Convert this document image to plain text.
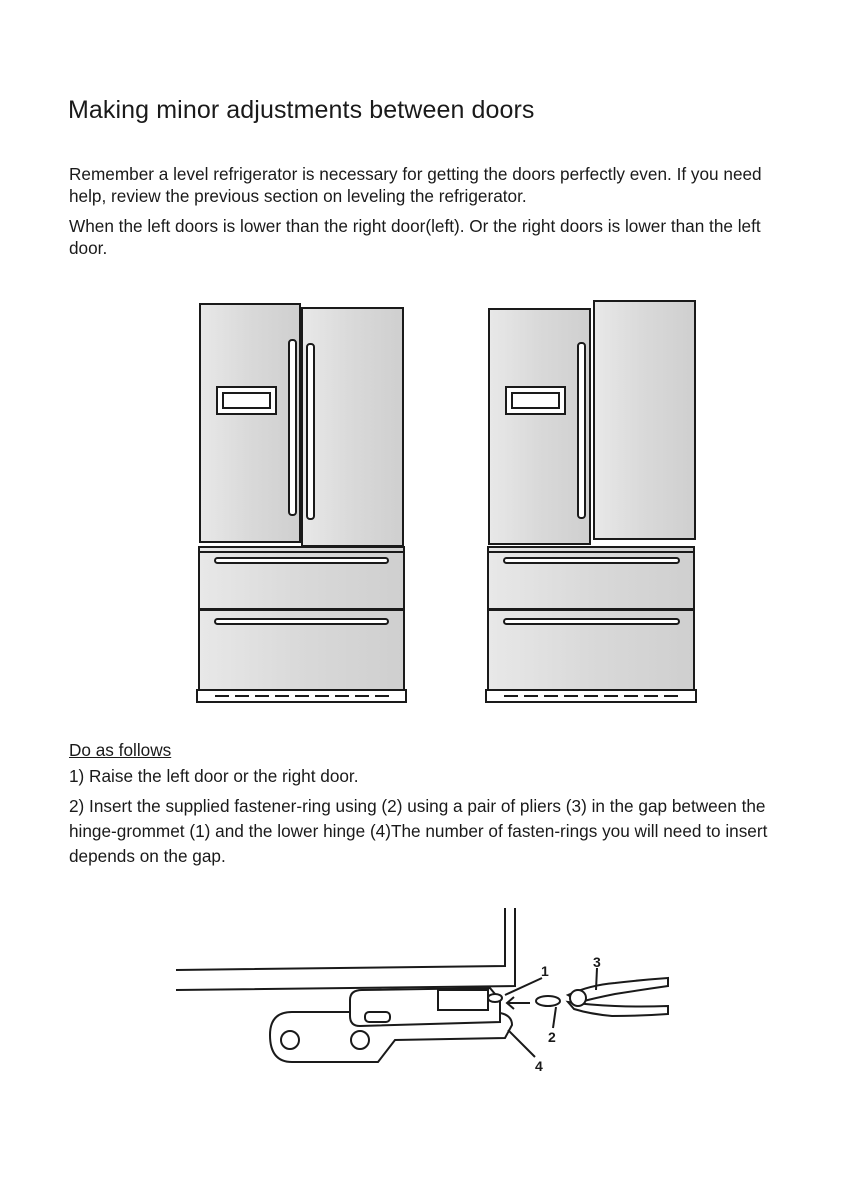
Making minor adjustments between doors

Remember a level refrigerator is necessary for getting the doors perfectly even. If you need help, review the previous section on leveling the refrigerator.

When the left doors is lower than the right door(left). Or the right doors is lower than the left door.

Do as follows

1) Raise the left door or the right door.

2) Insert the supplied fastener-ring using (2) using a pair of pliers (3) in the gap between the hinge-grommet (1) and the lower hinge (4)The number of fasten-rings you will need to insert depends on the gap.

1
2
3
4
